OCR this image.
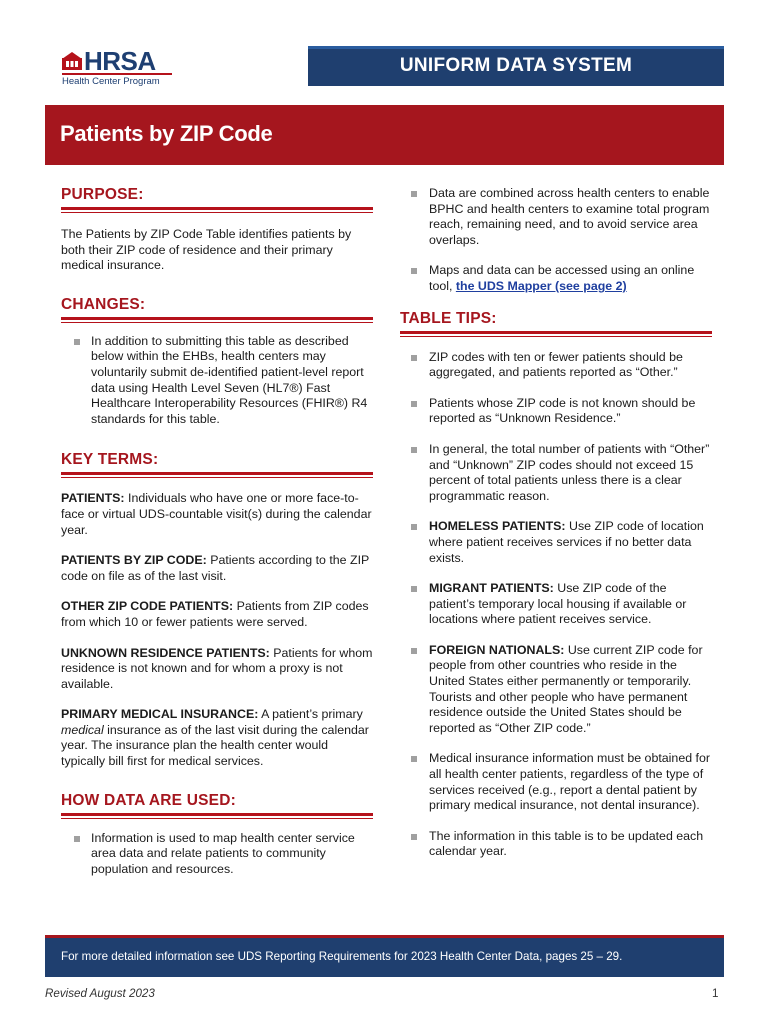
HRSA
Health Center Program
UNIFORM DATA SYSTEM
Patients by ZIP Code
PURPOSE:

The Patients by ZIP Code Table identifies patients by both their ZIP code of residence and their primary medical insurance.

CHANGES:
In addition to submitting this table as described below within the EHBs, health centers may voluntarily submit de-identified patient-level report data using Health Level Seven (HL7®) Fast Healthcare Interoperability Resources (FHIR®) R4 standards for this table.
KEY TERMS:

PATIENTS: Individuals who have one or more face-to-face or virtual UDS-countable visit(s) during the calendar year.

PATIENTS BY ZIP CODE: Patients according to the ZIP code on file as of the last visit.

OTHER ZIP CODE PATIENTS: Patients from ZIP codes from which 10 or fewer patients were served.

UNKNOWN RESIDENCE PATIENTS: Patients for whom residence is not known and for whom a proxy is not available.

PRIMARY MEDICAL INSURANCE: A patient’s primary medical insurance as of the last visit during the calendar year. The insurance plan the health center would typically bill first for medical services.

HOW DATA ARE USED:
Information is used to map health center service area data and relate patients to community population and resources.
Data are combined across health centers to enable BPHC and health centers to examine total program reach, remaining need, and to avoid service area overlaps.
Maps and data can be accessed using an online tool, the UDS Mapper (see page 2)
TABLE TIPS:
ZIP codes with ten or fewer patients should be aggregated, and patients reported as “Other.”
Patients whose ZIP code is not known should be reported as “Unknown Residence.”
In general, the total number of patients with “Other” and “Unknown” ZIP codes should not exceed 15 percent of total patients unless there is a clear programmatic reason.
HOMELESS PATIENTS: Use ZIP code of location where patient receives services if no better data exists.
MIGRANT PATIENTS: Use ZIP code of the patient’s temporary local housing if available or locations where patient receives service.
FOREIGN NATIONALS: Use current ZIP code for people from other countries who reside in the United States either permanently or temporarily. Tourists and other people who have permanent residence outside the United States should be reported as “Other ZIP code.”
Medical insurance information must be obtained for all health center patients, regardless of the type of services received (e.g., report a dental patient by primary medical insurance, not dental insurance).
The information in this table is to be updated each calendar year.
For more detailed information see UDS Reporting Requirements for 2023 Health Center Data, pages 25 – 29.
Revised August 2023	1
